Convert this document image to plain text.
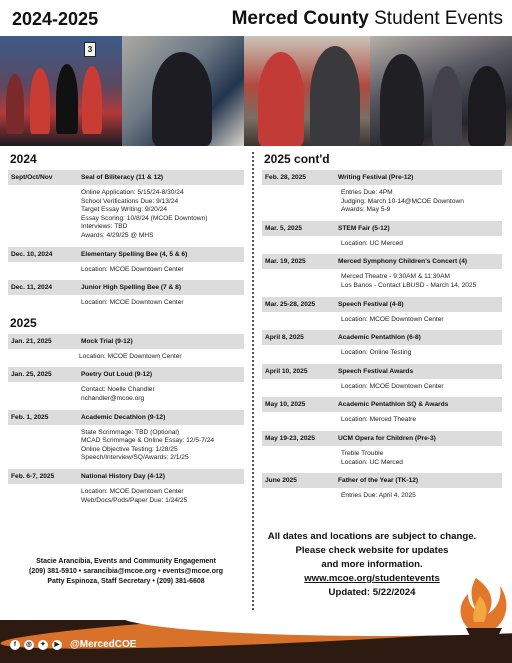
2024-2025	Merced County Student Events
3
2024
Sept/Oct/Nov	Seal of Biliteracy (11 & 12)
Online Application: 5/15/24-8/30/24
School Verifications Due: 9/13/24
Target Essay Writing: 9/20/24
Essay Scoring: 10/8/24 (MCOE Downtown)
Interviews: TBD
Awards: 4/29/25 @ MHS
Dec. 10, 2024	Elementary Spelling Bee (4, 5 & 6)
Location: MCOE Downtown Center
Dec. 11, 2024	Junior High Spelling Bee (7 & 8)
Location: MCOE Downtown Center
2025
Jan. 21, 2025	Mock Trial (9-12)
Location: MCOE Downtown Center
Jan. 25, 2025	Poetry Out Loud (9-12)
Contact: Noelle Chandler
nchandler@mcoe.org
Feb. 1, 2025	Academic Decathlon (9-12)
State Scrimmage: TBD (Optional)
MCAD Scrimmage & Online Essay: 12/5-7/24
Online Objective Testing: 1/28/25
Speech/Interview/SQ/Awards: 2/1/25
Feb. 6-7, 2025	National History Day (4-12)
Location: MCOE Downtown Center
Web/Docs/Pods/Paper Due: 1/24/25
Stacie Arancibia, Events and Community Engagement
(209) 381-5910 • sarancibia@mcoe.org • events@mcoe.org
Patty Espinoza, Staff Secretary • (209) 381-6608
2025 cont'd
Feb. 28, 2025	Writing Festival (Pre-12)
Entries Due: 4PM
Judging: March 10-14@MCOE Downtown
Awards: May 5-9
Mar. 5, 2025	STEM Fair (5-12)
Location: UC Merced
Mar. 19, 2025	Merced Symphony Children's Concert (4)
Merced Theatre - 9:30AM & 11:30AM
Los Banos - Contact LBUSD - March 14, 2025
Mar. 25-28, 2025	Speech Festival (4-8)
Location: MCOE Downtown Center
April 8, 2025	Academic Pentathlon (6-8)
Location: Online Testing
April 10, 2025	Speech Festival Awards
Location: MCOE Downtown Center
May 10, 2025	Academic Pentathlon SQ & Awards
Location: Merced Theatre
May 19-23, 2025	UCM Opera for Children (Pre-3)
Treble Trouble
Location: UC Merced
June 2025	Father of the Year (TK-12)
Entries Due: April 4, 2025
All dates and locations are subject to change.
Please check website for updates
and more information.
www.mcoe.org/studentevents
Updated: 5/22/2024
f	◎	✦	▶ @MercedCOE
